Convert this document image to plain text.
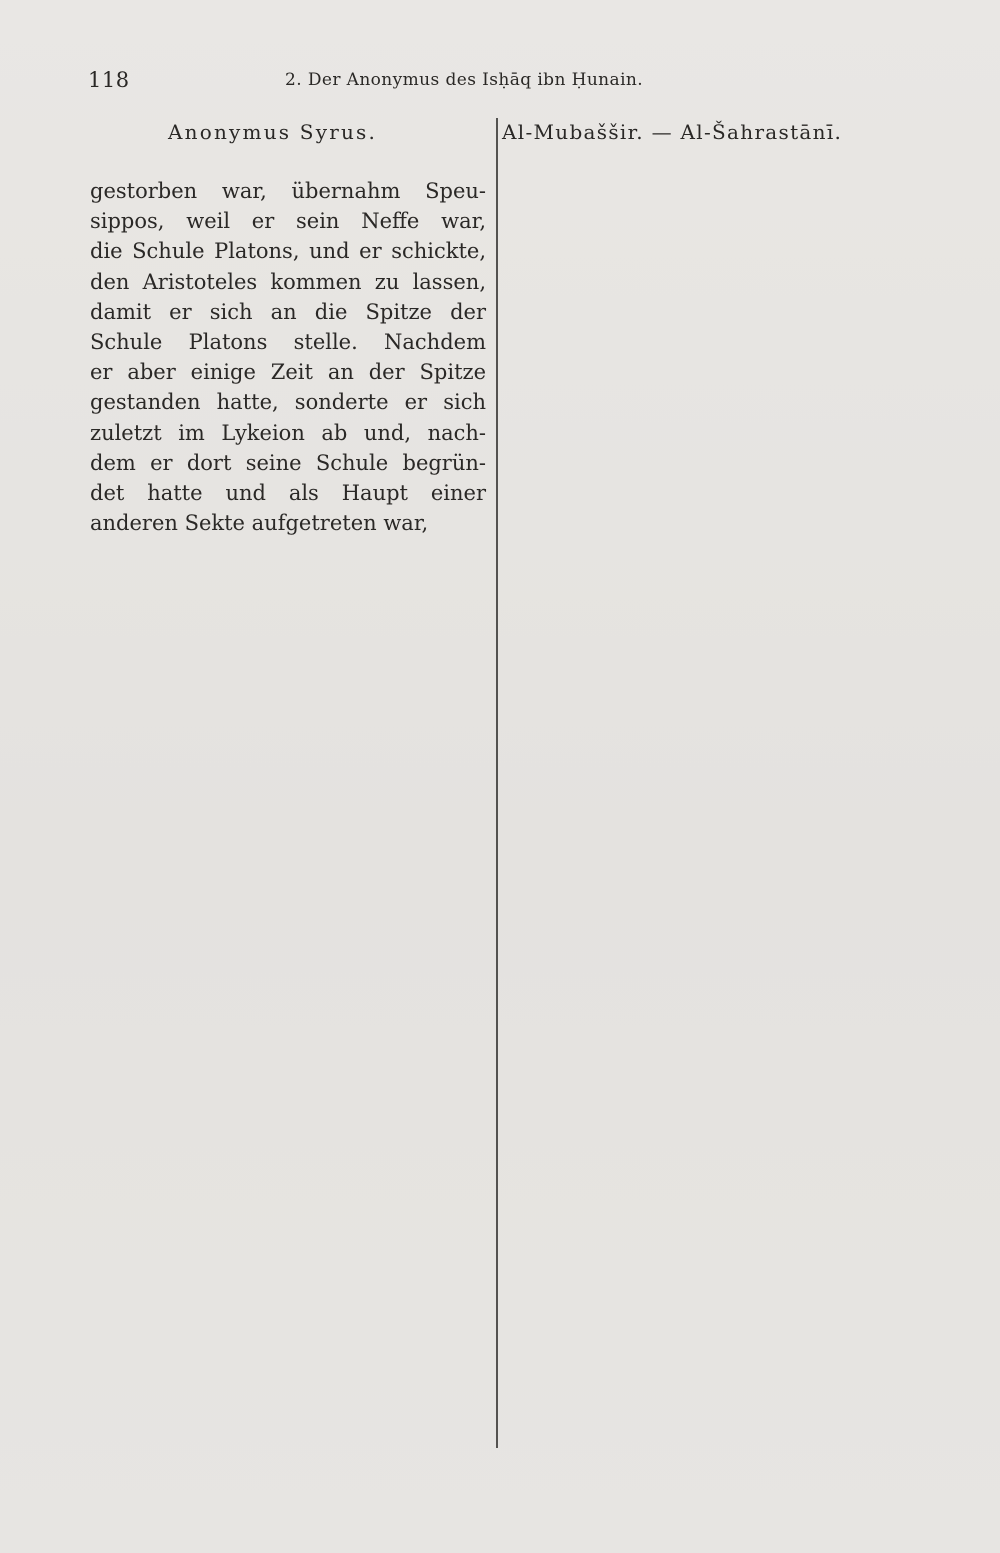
118	2. Der Anonymus des Isḥāq ibn Ḥunain.
Anonymus Syrus.	Al-Mubaššir. — Al-Šahrastānī.
gestorben war, übernahm Speu-
sippos, weil er sein Neffe war,
die Schule Platons, und er schickte,
den Aristoteles kommen zu lassen,
damit er sich an die Spitze der
Schule Platons stelle. Nachdem
er aber einige Zeit an der Spitze
gestanden hatte, sonderte er sich
zuletzt im Lykeion ab und, nach-
dem er dort seine Schule begrün-
det hatte und als Haupt einer
anderen Sekte aufgetreten war,
